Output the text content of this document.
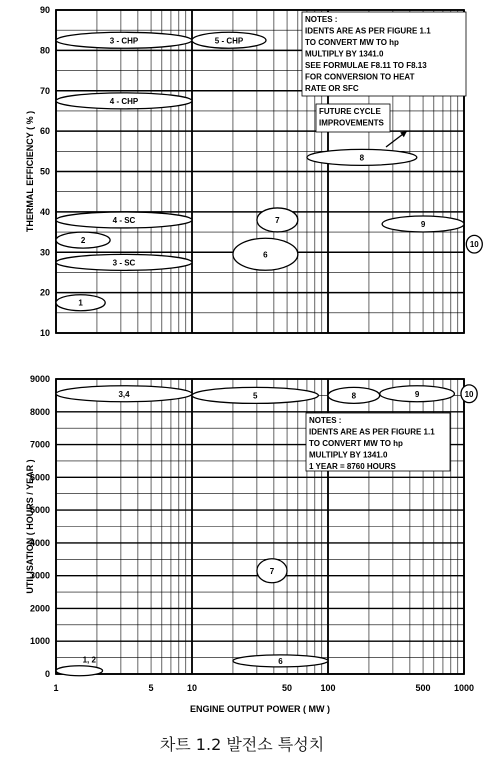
10
20
30
40
50
60
70
80
90
THERMAL EFFICIENCY ( % )
3 - CHP	5 - CHP
4 - CHP
8
4 - SC	7	9
2	10
6
3 - SC
1
NOTES :
IDENTS ARE AS PER FIGURE 1.1
TO CONVERT MW TO hp
MULTIPLY BY 1341.0
SEE FORMULAE F8.11 TO F8.13
FOR CONVERSION TO HEAT
RATE OR SFC
FUTURE CYCLE
IMPROVEMENTS
0
1000
2000
3000
4000
5000
6000
7000
8000
9000
1	5	10	50	100	500	1000
UTILISATION ( HOURS / YEAR )
ENGINE OUTPUT POWER ( MW )
3,4	5	8	9	10
7
6
1, 2
NOTES :
IDENTS ARE AS PER FIGURE 1.1
TO CONVERT MW TO hp
MULTIPLY BY 1341.0
1 YEAR = 8760 HOURS
차트 1.2 발전소 특성치
